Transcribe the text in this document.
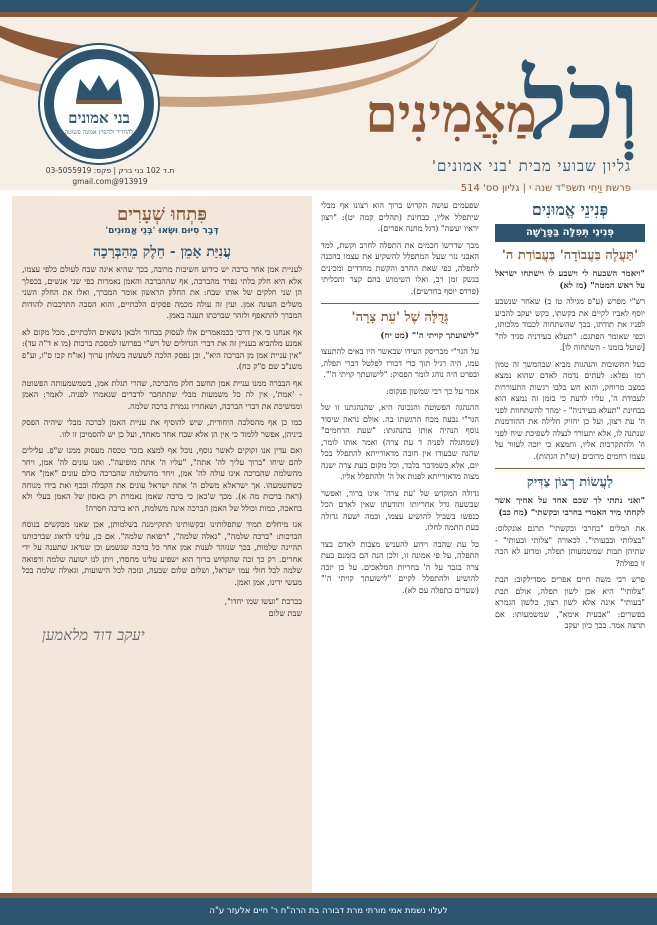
בני אמונים
להחדיר ולהפיץ אמונה פשוטה
ת.ד 102 בני ברק | פקס: 03-5055919
913919@gmail.com
וְכֹל
מַאֲמִינִים
גליון שבועי מבית 'בני אמונים'
פרשת וַיְחִי תשפ"ד שנה י | גליון סס' 514
פְּנִינֵי אֱמוּנִים
פְּנִינֵי תְּפִלָּה בַּפָּרָשָׁה
'תַּעֲלֶה בַּעֲבוֹדָה' בַּעֲבוֹדַת ה'
"ויאמר השבעה לי וישבע לו וישתחו ישראל על ראש המטה" (מז לא)
רש"י מפרש (ע"פ מגילה טז ב) שאחר שנשבע יוסף לאביו לקיים את בקשתו, בקש יעקב להביע לפניו את תודתו, בכך שהשתחוה לכבוד מלכותו, וכפי שאומר הפתגם: "תעלא בעידניה סגיד לה" [שועל בזמנו - השתחוה לו].
בעל התשובות והנהגות מביא שבהמשך זה טמון רמז נפלא: לעתים נדמה לאדם שהוא נמצא במצב מרוחק, והוא חש בלבו רגשות התעוררות לעבודת ה', עליו לדעת כי בזמן זה נמצא הוא בבחינת "תעלא בעידניה" - ימהר להשתחוות לפני ה' עת רצון, ועל כן יחזיק חלילה את ההזדמנות שנתנה לו, אלא יתעורר לנצלה לשפיכת שיח לפני ה' ולהתקרבות אליו, ותמצא כי יזכה לעזור על עצמו רחמים מרובים (שו"ת הגהות).
לַעֲשׂוֹת רְצוֹן צַדִּיק
"ואני נתתי לך שכם אחד על אחיך אשר לקחתי מיד האמרי בחרבי ובקשתי" (מח כב)
את המלים "בחרבי ובקשתי" תרגם אונקלוס: "בצלותי ובבעותי". לכאורה "צלותי ובעותי" - שתיהן תבות שמשמעותן תפלה, ומדוע לא הכה זו כפולה?
פרש רבי משה חיים אפרים מסדילקוב: תבת "צלותי" היא אכן לשון תפלה, אולם תבת "בעותי" אינה אלא לשון רצון, כלשון הגמרא בפשרים: "אבעית אימא", שמשמעותו: אם תרצה אמר. בכך כיון יעקב
שפעמים עושה הקדוש ברוך הוא רצונו אף מבלי שיתפלל אליו, כבחינת (תהלים קמה יט): "רצון יראיו יעשה" (דגל מחנה אפרים).
מכך שדרשו חכמים את התפלה לחרב וקשת, למד האבני נזר שעל המתפלל להשקיע את עצמו בהכנה לתפלה, כפי שאת החרב והקשת מחדדים ומכינים בנשק זמן רב, ואלו השימוש בהם קצר ותכליתי (פרדס יוסף בחדשים).
גְּדֻלָּה שֶׁל 'עֵת צָרָה'
"לישועתך קויתי ה'" (מט יח)
על הגר"י מבריסק העידו שבאשר היו באים להתעצו עמו, היה רגיל תוך כדי דבורו לפלטל דברי תפלה, ובפרט היה נוהג לומר הפסוק: "לישועתך קויתי ה'".
אמר על כך רבי שמשון פנקוס:
ההנהגה הפשוטה והנכונה היא, שהנהגתנו זו של הגר"י נבעה מכח הרגשתו בה. אולם נראה שיסוד נוסף הנהיה אותו בהנהגתו: "שעת הרחמים" (שמתגלה לפניה ד עת צרה) ואמר אותו לומר, שהנה שבעודו אין חובה מדאורייתא להתפלל בכל יום, אלא כשמדבר בלבד, וכל מקום בעת צרה ישנה מצוה מדאורייתא לפנות אל ה' ולהתפלל אליו.
גדולה המקדש של 'עת צרה' אינו ברור, ואפשר שבשעה גדל אחריותו ותודעתו שאין לאדם הכל כנפשו בשביל להושיע עצמו, וכמה ישעה גדולה בעת התמה לחלו.
כל עת שהבה וידוע להעניש מצבות לאדם בצד התפלה, על פי אמונה זו, ולכן הנה הם בזמנם בעת צרה בגבר על ה' בחריות המלאכים. על כן יזכה להושיע ולהתפלל לקיים "לישועתך קויתי ה'" (שערים בתפלה עם לא).
פִּתְחוּ שְׁעָרִים
דְּבַר סִיּוּם וּשְׂאוּ 'בְּנֵי אֱמוּנִים'
עֲנִיַּת אָמֵן - חֵלֶק מֵהַבְּרָכָה
לעניית אמן אחר ברכה יש כידוע חשיבות מרובה, בכך שהיא אינה שבח לעולם כלפי עצמו, אלא היא חלק בלתי נפרד מהברכה, אף שההברכה והאמן נאמרות כפי שני אנשים, בכפלך הן שני חלקים של אותו שבח: את החלק הראשון אומר המברך, ואלו את החלק השני משלים העונה אמן. ועין זה עולה מכמה פסקים הלכתיים, והוא הסבה התרכבות להודות המברך להתאפף ולזהר שברכתו תענה באמן.
אף אנחנו כי אין דרכי בכמאמרים אלו לעסוק בבחור ולבאן נושאים הלכתיים, מכל מקום לא אמנע מלהביא בעניין זה את דברי הגדולים של רש"י בפרושו למסכת ברכות (מו א ד"ה עד): "אין עניית אמן מן הברכה היא", וכן נפסק הלכה לשעשה בשלחן ערוך (או"ח קכו ס"ו, וע"פ משנ"ב שם ס"ק כח).
אף הבברה ממנו עניית אמן תחשב חלק מהברכה, שהרי תגלת אמן, בשמשמעותה הפשוטה - 'אמת', אין לה כל משמעות מבלי שתתחבר לדברים שנאמרו לפניה. לאמר: האמן וממשיכת את דברי הברכה, ושאחריו נגמרת ברכה שלמה.
כמו כן אף מהסלכה היחודית, שיש להוסיף את עניית האמן לברכה מבלי שיהיה הפסק ביניהן, אפשר ללמוד כי אין הן אלא שבח אחד מאחד, ועל כן יש להסמיכן זו לזו.
ואם עדין אנו זקוקים לאשר נוסף, נוכל אף למצא בזכר טכסה מעסוק ממנו ש"פ. עלילים להם שיחו "ברוך עליך לה' אתה", "עליו ה' אתה מופיעה". ואנו עונים לה' אמן, ויחר מהשלמה שהברכה אינו עולה לה' אמן, ויחר מהשלמה שהברכה כולם עונים "אמן" אחר כשתשמעהו. אך ישראלא משלם ה' אתה ישראל עונים את הקבלה ובכף ואת בידו מנוחה (ראה ברכות מה א). מכך ש'כאן כי ברכה שאמן נאמרת רק באסון של האמן בעלי ולא בחאכה, כמות וכולל של האמן הברכה אינה משלמת, היא ברכה חסרה!
אנו מיחלים תמיד שתפלותינו ובקשותינו תתקיימנה בשלמותן, אכן שאנו מבקשים בנוסח הברכות: "ברכה שלמה", "גאלה שלמה", "רפואה שלמה". אם כן, עלינו לדאוג שברכותנו תהיינה שלמות, בכך שנזהר לענות אמן אחר כל ברכה שנשמע וכן שנדאג שתענה על ידי אחרים. רק כך זכה שהקדוש ברוך הוא ישפיע עלינו מחסדו, ויתן לנו ישועה שלמה ורפואה שלמה לכל חולי עמו ישראל, ושלום שלום שבעה, ונזכה לכל הישועות, וגאולה שלמה בכל מעשי ידינו, אמן ואמן.
בברכת "ועשו שמו יחדו",
שבת שלום
יעקב דוד מלאמען
לעלוי נשמת אמי מורתי מרת דבורה בת הרה"ח ר' חיים אלעזר ע"ה
